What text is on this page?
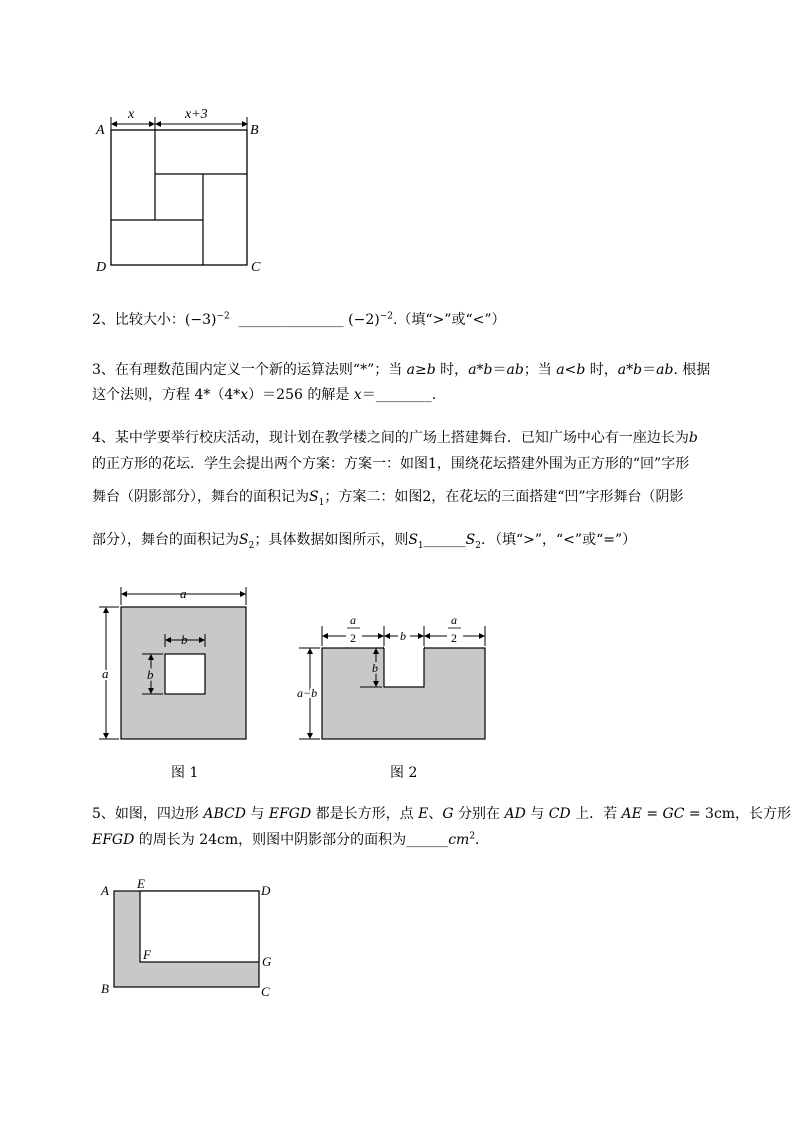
x	x+3
A	B
D	C
2、比较大小：$(-3)^{-2}$ _______________ $(-2)^{-2}$.（填“>”或“<”）
3、在有理数范围内定义一个新的运算法则“*”；当 a≥b 时，a*b＝ab；当 a<b 时，a*b＝ab. 根据
这个法则，方程 4*（4*x）＝256 的解是 x＝________.
4、某中学要举行校庆活动，现计划在教学楼之间的广场上搭建舞台．已知广场中心有一座边长为b
的正方形的花坛．学生会提出两个方案：方案一：如图1，围绕花坛搭建外围为正方形的“回”字形
舞台（阴影部分），舞台的面积记为$S_1$；方案二：如图2，在花坛的三面搭建“凹”字形舞台（阴影
部分），舞台的面积记为$S_2$；具体数据如图所示，则$S_1\_\_\_\_\_\_S_2$．（填“>”，“<”或“=”）
a
a
b
b
图 1
a
2	b
a
2
a−b
b
图 2
5、如图，四边形 ABCD 与 EFGD 都是长方形，点 E、G 分别在 AD 与 CD 上．若 AE = GC = 3cm，长方形
EFGD 的周长为 24cm，则图中阴影部分的面积为$\_\_\_\_\_\_cm^2$．
A E	D
F	G
B	C
